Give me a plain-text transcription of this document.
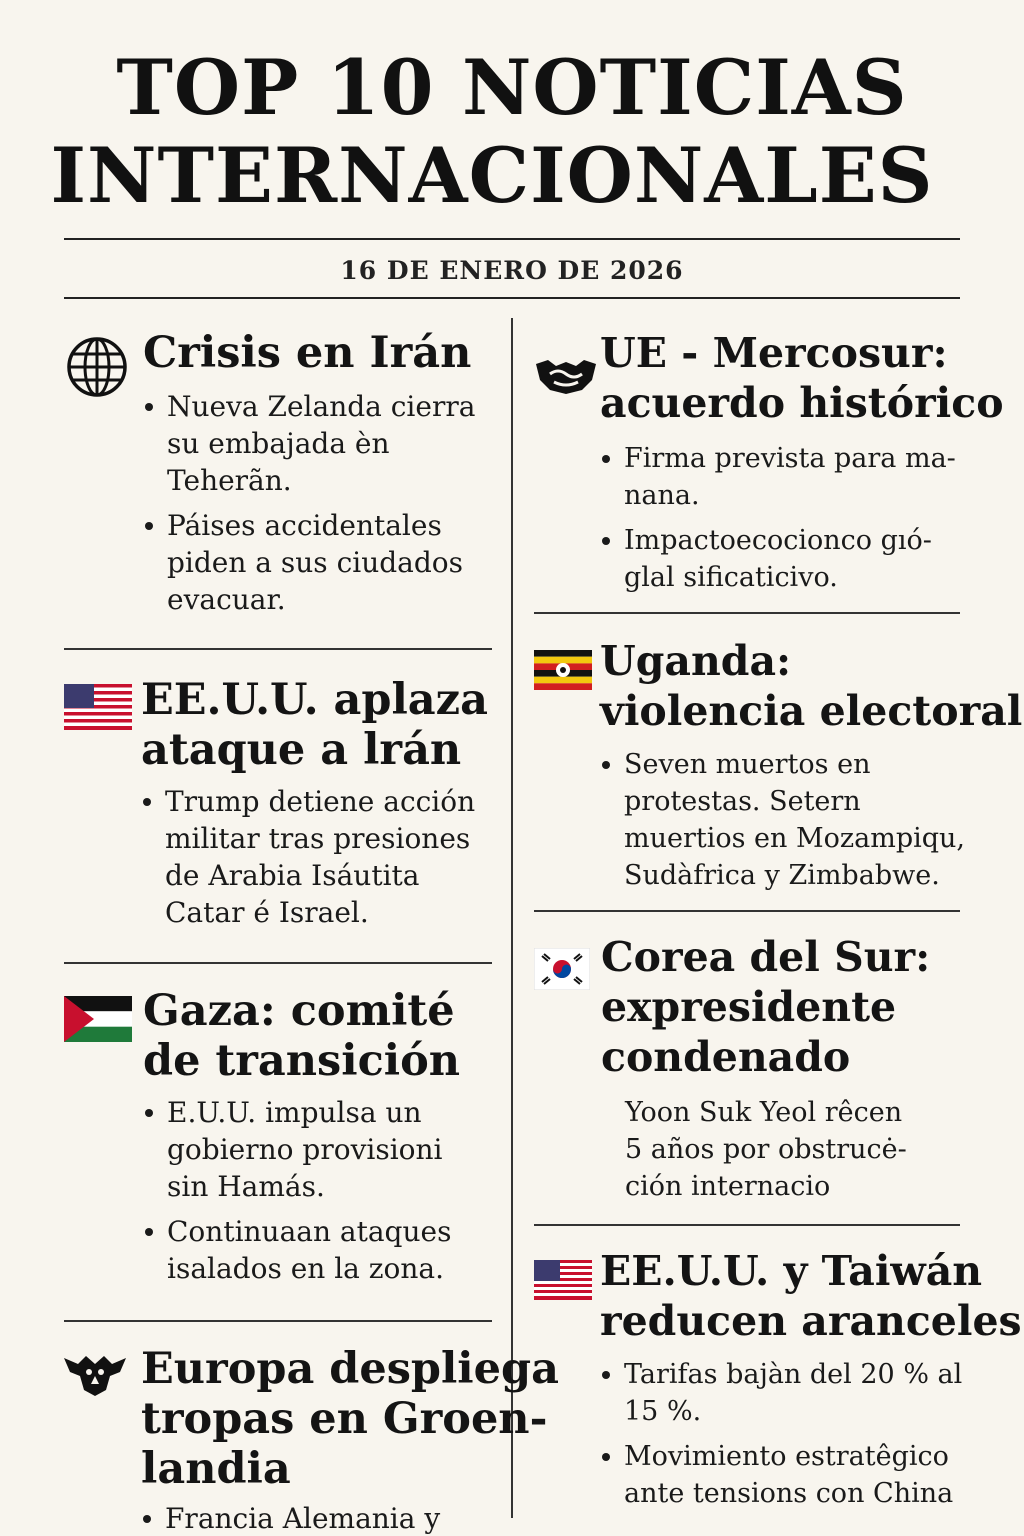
TOP 10 NOTICIAS
INTERNACIONALES
16 DE ENERO DE 2026
Crisis en Irán
Nueva Zelanda cierra
su embajada èn
Teherãn.
Páises accidentales
piden a sus ciudados
evacuar.
EE.U.U. aplaza
ataque a lrán
Trump detiene acción
militar tras presiones
de Arabia Isáutita
Catar é Israel.
Gaza: comité
de transición
E.U.U. impulsa un
gobierno provisioni
sin Hamás.
Continuaan ataques
isalados en la zona.
Europa despliega
tropas en Groen-
landia
Francia Alemania y
UE - Mercosur:
acuerdo histórico
Firma prevista para ma-
nana.
Impactoecocionco gıó-
glal sificaticivo.
Uganda:
violencia electoral
Seven muertos en
protestas. Setern
muertios en Mozampiqu,
Sudàfrica y Zimbabwe.
Corea del Sur:
expresidente
condenado
Yoon Suk Yeol rêcen
5 años por obstrucė-
ción internacio
EE.U.U. y Taiwán
reducen aranceles
Tarifas bajàn del 20 % al
15 %.
Movimiento estratêgico
ante tensions con China
